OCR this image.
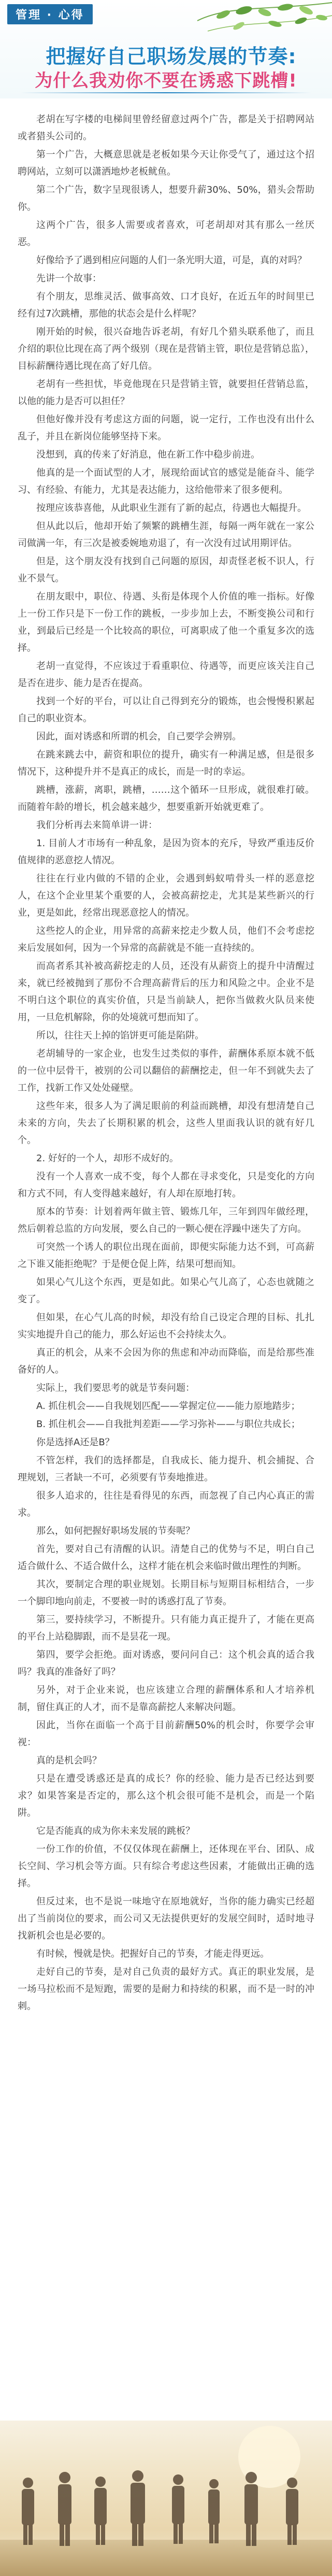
管理 · 心得
把握好自己职场发展的节奏:
为什么我劝你不要在诱惑下跳槽!

老胡在写字楼的电梯间里曾经留意过两个广告，都是关于招聘网站或者猎头公司的。

第一个广告，大概意思就是老板如果今天让你受气了，通过这个招聘网站，立刻可以潇洒地炒老板鱿鱼。

第二个广告，数字呈现很诱人，想要升薪30%、50%，猎头会帮助你。

这两个广告，很多人需要或者喜欢，可老胡却对其有那么一丝厌恶。

好像给予了遇到相应问题的人们一条光明大道，可是，真的对吗？

先讲一个故事：

有个朋友，思维灵活、做事高效、口才良好，在近五年的时间里已经有过7次跳槽，那他的状态会是什么样呢？

刚开始的时候，很兴奋地告诉老胡，有好几个猎头联系他了，而且介绍的职位比现在高了两个级别（现在是营销主管，职位是营销总监），目标薪酬待遇比现在高了好几倍。

老胡有一些担忧，毕竟他现在只是营销主管，就要担任营销总监，以他的能力是否可以担任？

但他好像并没有考虑这方面的问题，说一定行，工作也没有出什么乱子，并且在新岗位能够坚持下来。

没想到，真的传来了好消息，他在新工作中稳步前进。

他真的是一个面试型的人才，展现给面试官的感觉是能奋斗、能学习、有经验、有能力，尤其是表达能力，这给他带来了很多便利。

按理应该恭喜他，从此职业生涯有了新的起点，待遇也大幅提升。

但从此以后，他却开始了频繁的跳槽生涯，每隔一两年就在一家公司做满一年，有三次是被委婉地劝退了，有一次没有过试用期评估。

但是，这个朋友没有找到自己问题的原因，却责怪老板不识人，行业不景气。

在朋友眼中，职位、待遇、头衔是体现个人价值的唯一指标。好像上一份工作只是下一份工作的跳板，一步步加上去，不断变换公司和行业，到最后已经是一个比较高的职位，可离职成了他一个重复多次的选择。

老胡一直觉得，不应该过于看重职位、待遇等，而更应该关注自己是否在进步、能力是否在提高。

找到一个好的平台，可以让自己得到充分的锻炼，也会慢慢积累起自己的职业资本。

因此，面对诱惑和所谓的机会，自己要学会辨别。

在跳来跳去中，薪资和职位的提升，确实有一种满足感，但是很多情况下，这种提升并不是真正的成长，而是一时的幸运。

跳槽，涨薪，离职，跳槽，……这个循环一旦形成，就很难打破。而随着年龄的增长，机会越来越少，想要重新开始就更难了。

我们分析再去来简单讲一讲：

1. 目前人才市场有一种乱象，是因为资本的充斥，导致严重违反价值规律的恶意挖人情况。

往往在行业内做的不错的企业，会遇到蚂蚁啃骨头一样的恶意挖人，在这个企业里某个重要的人，会被高薪挖走，尤其是某些新兴的行业，更是如此，经常出现恶意挖人的情况。

这些挖人的企业，用异常的高薪来挖走少数人员，他们不会考虑挖来后发展如何，因为一个异常的高薪就是不能一直持续的。

而高者系其补被高薪挖走的人员，还没有从薪资上的提升中清醒过来，就已经被抛到了那份不合理高薪背后的压力和风险之中。企业不是不明白这个职位的真实价值，只是当前缺人，把你当做救火队员来使用，一旦危机解除，你的处境就可想而知了。

所以，往往天上掉的馅饼更可能是陷阱。

老胡辅导的一家企业，也发生过类似的事件，薪酬体系原本就不低的一位中层骨干，被别的公司以翻倍的薪酬挖走，但一年不到就失去了工作，找新工作又处处碰壁。

这些年来，很多人为了满足眼前的利益而跳槽，却没有想清楚自己未来的方向，失去了长期积累的机会，这些人里面我认识的就有好几个。

2. 好好的一个人，却形不成好的。

没有一个人喜欢一成不变，每个人都在寻求变化，只是变化的方向和方式不同，有人变得越来越好，有人却在原地打转。

原本的节奏：计划着两年做主管、锻炼几年，三年到四年做经理，然后朝着总监的方向发展，要么自己的一颗心便在浮躁中迷失了方向。

可突然一个诱人的职位出现在面前，即便实际能力达不到，可高薪之下谁又能拒绝呢？于是便仓促上阵，结果可想而知。

如果心气儿这个东西，更是如此。如果心气儿高了，心态也就随之变了。

但如果，在心气儿高的时候，却没有给自己设定合理的目标、扎扎实实地提升自己的能力，那么好运也不会持续太久。

真正的机会，从来不会因为你的焦虑和冲动而降临，而是给那些准备好的人。

实际上，我们要思考的就是节奏问题：

A. 抓住机会——自我规划匹配——掌握定位——能力原地踏步；

B. 抓住机会——自我批判差距——学习弥补——与职位共成长；

你是选择A还是B？

不管怎样，我们的选择都是，自我成长、能力提升、机会捕捉、合理规划，三者缺一不可，必须要有节奏地推进。

很多人追求的，往往是看得见的东西，而忽视了自己内心真正的需求。

那么，如何把握好职场发展的节奏呢？

首先，要对自己有清醒的认识。清楚自己的优势与不足，明白自己适合做什么、不适合做什么，这样才能在机会来临时做出理性的判断。

其次，要制定合理的职业规划。长期目标与短期目标相结合，一步一个脚印地向前走，不要被一时的诱惑打乱了节奏。

第三，要持续学习，不断提升。只有能力真正提升了，才能在更高的平台上站稳脚跟，而不是昙花一现。

第四，要学会拒绝。面对诱惑，要问问自己：这个机会真的适合我吗？我真的准备好了吗？

另外，对于企业来说，也应该建立合理的薪酬体系和人才培养机制，留住真正的人才，而不是靠高薪挖人来解决问题。

因此，当你在面临一个高于目前薪酬50%的机会时，你要学会审视：

真的是机会吗？

只是在遭受诱惑还是真的成长？你的经验、能力是否已经达到要求？如果答案是否定的，那么这个机会很可能不是机会，而是一个陷阱。

它是否能真的成为你未来发展的跳板？

一份工作的价值，不仅仅体现在薪酬上，还体现在平台、团队、成长空间、学习机会等方面。只有综合考虑这些因素，才能做出正确的选择。

但反过来，也不是说一味地守在原地就好，当你的能力确实已经超出了当前岗位的要求，而公司又无法提供更好的发展空间时，适时地寻找新机会也是必要的。

有时候，慢就是快。把握好自己的节奏，才能走得更远。

走好自己的节奏，是对自己负责的最好方式。真正的职业发展，是一场马拉松而不是短跑，需要的是耐力和持续的积累，而不是一时的冲刺。
